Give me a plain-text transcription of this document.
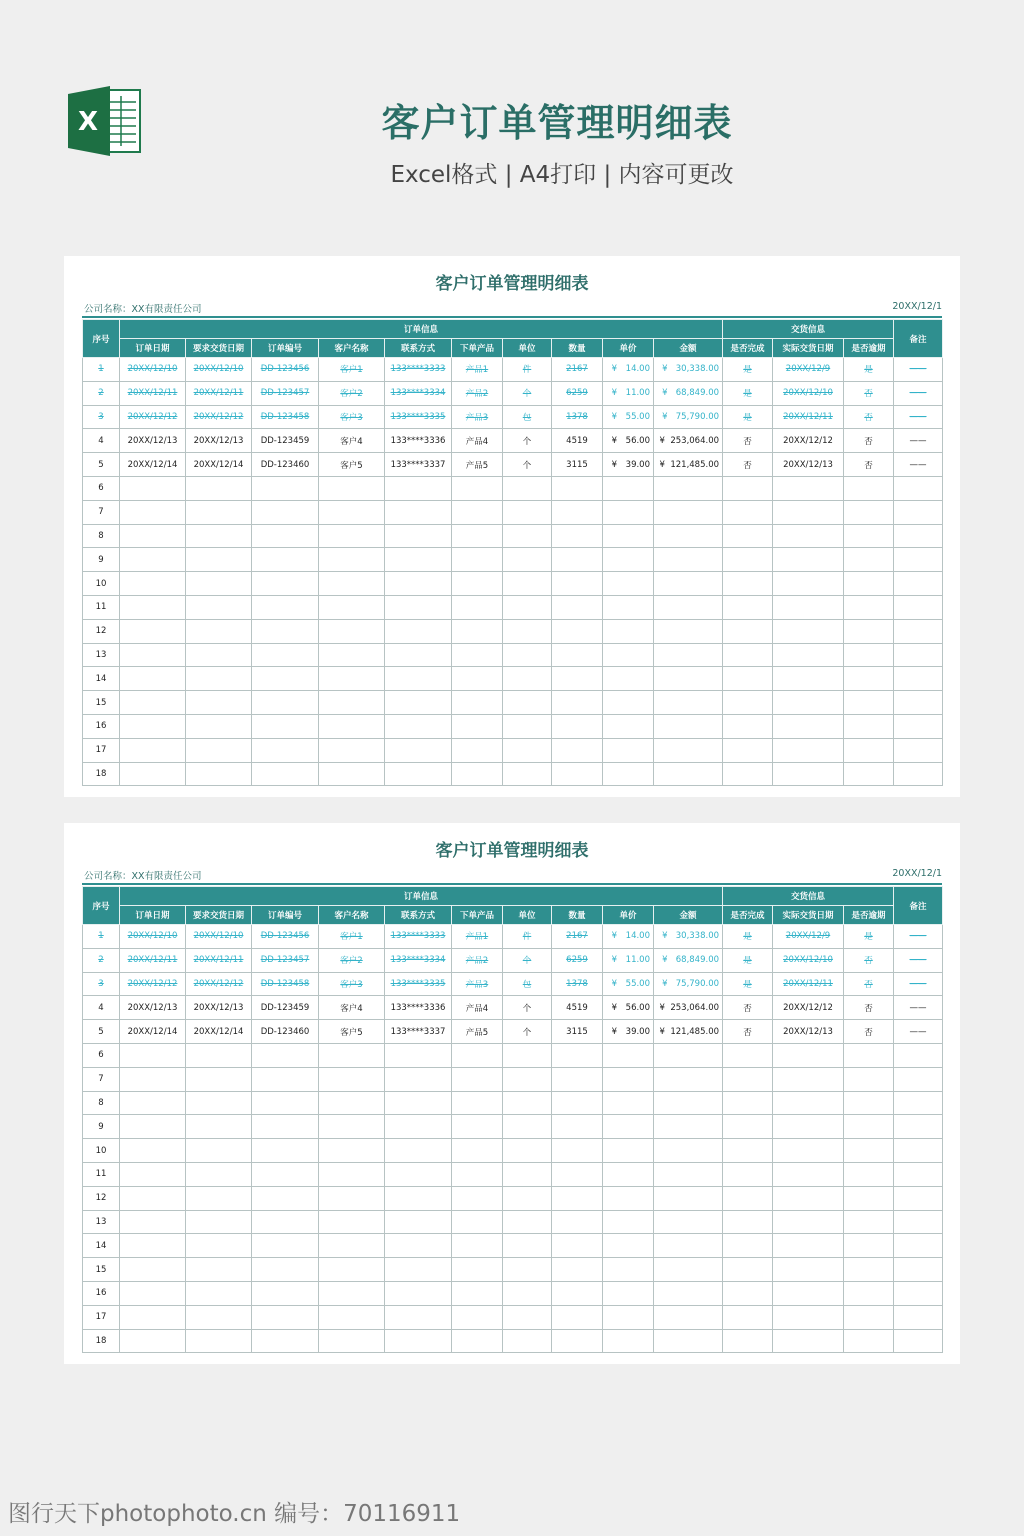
X	客户订单管理明细表
Excel格式 | A4打印 | 内容可更改
客户订单管理明细表
公司名称：XX有限责任公司	20XX/12/1
序号	订单信息										交货信息			备注
	订单日期	要求交货日期	订单编号	客户名称	联系方式	下单产品	单位	数量	单价	金额	是否完成	实际交货日期	是否逾期	
1	20XX/12/10	20XX/12/10	DD-123456	客户1	133****3333	产品1	件	2167	¥ 14.00	¥ 30,338.00	是	20XX/12/9	是	——
2	20XX/12/11	20XX/12/11	DD-123457	客户2	133****3334	产品2	个	6259	¥ 11.00	¥ 68,849.00	是	20XX/12/10	否	——
3	20XX/12/12	20XX/12/12	DD-123458	客户3	133****3335	产品3	包	1378	¥ 55.00	¥ 75,790.00	是	20XX/12/11	否	——
4	20XX/12/13	20XX/12/13	DD-123459	客户4	133****3336	产品4	个	4519	¥ 56.00	¥ 253,064.00	否	20XX/12/12	否	——
5	20XX/12/14	20XX/12/14	DD-123460	客户5	133****3337	产品5	个	3115	¥ 39.00	¥ 121,485.00	否	20XX/12/13	否	——
6														
7														
8														
9														
10														
11														
12														
13														
14														
15														
16														
17														
18														
客户订单管理明细表
公司名称：XX有限责任公司	20XX/12/1
序号	订单信息										交货信息			备注
	订单日期	要求交货日期	订单编号	客户名称	联系方式	下单产品	单位	数量	单价	金额	是否完成	实际交货日期	是否逾期	
1	20XX/12/10	20XX/12/10	DD-123456	客户1	133****3333	产品1	件	2167	¥ 14.00	¥ 30,338.00	是	20XX/12/9	是	——
2	20XX/12/11	20XX/12/11	DD-123457	客户2	133****3334	产品2	个	6259	¥ 11.00	¥ 68,849.00	是	20XX/12/10	否	——
3	20XX/12/12	20XX/12/12	DD-123458	客户3	133****3335	产品3	包	1378	¥ 55.00	¥ 75,790.00	是	20XX/12/11	否	——
4	20XX/12/13	20XX/12/13	DD-123459	客户4	133****3336	产品4	个	4519	¥ 56.00	¥ 253,064.00	否	20XX/12/12	否	——
5	20XX/12/14	20XX/12/14	DD-123460	客户5	133****3337	产品5	个	3115	¥ 39.00	¥ 121,485.00	否	20XX/12/13	否	——
6														
7														
8														
9														
10														
11														
12														
13														
14														
15														
16														
17														
18														
图行天下photophoto.cn 编号：70116911
